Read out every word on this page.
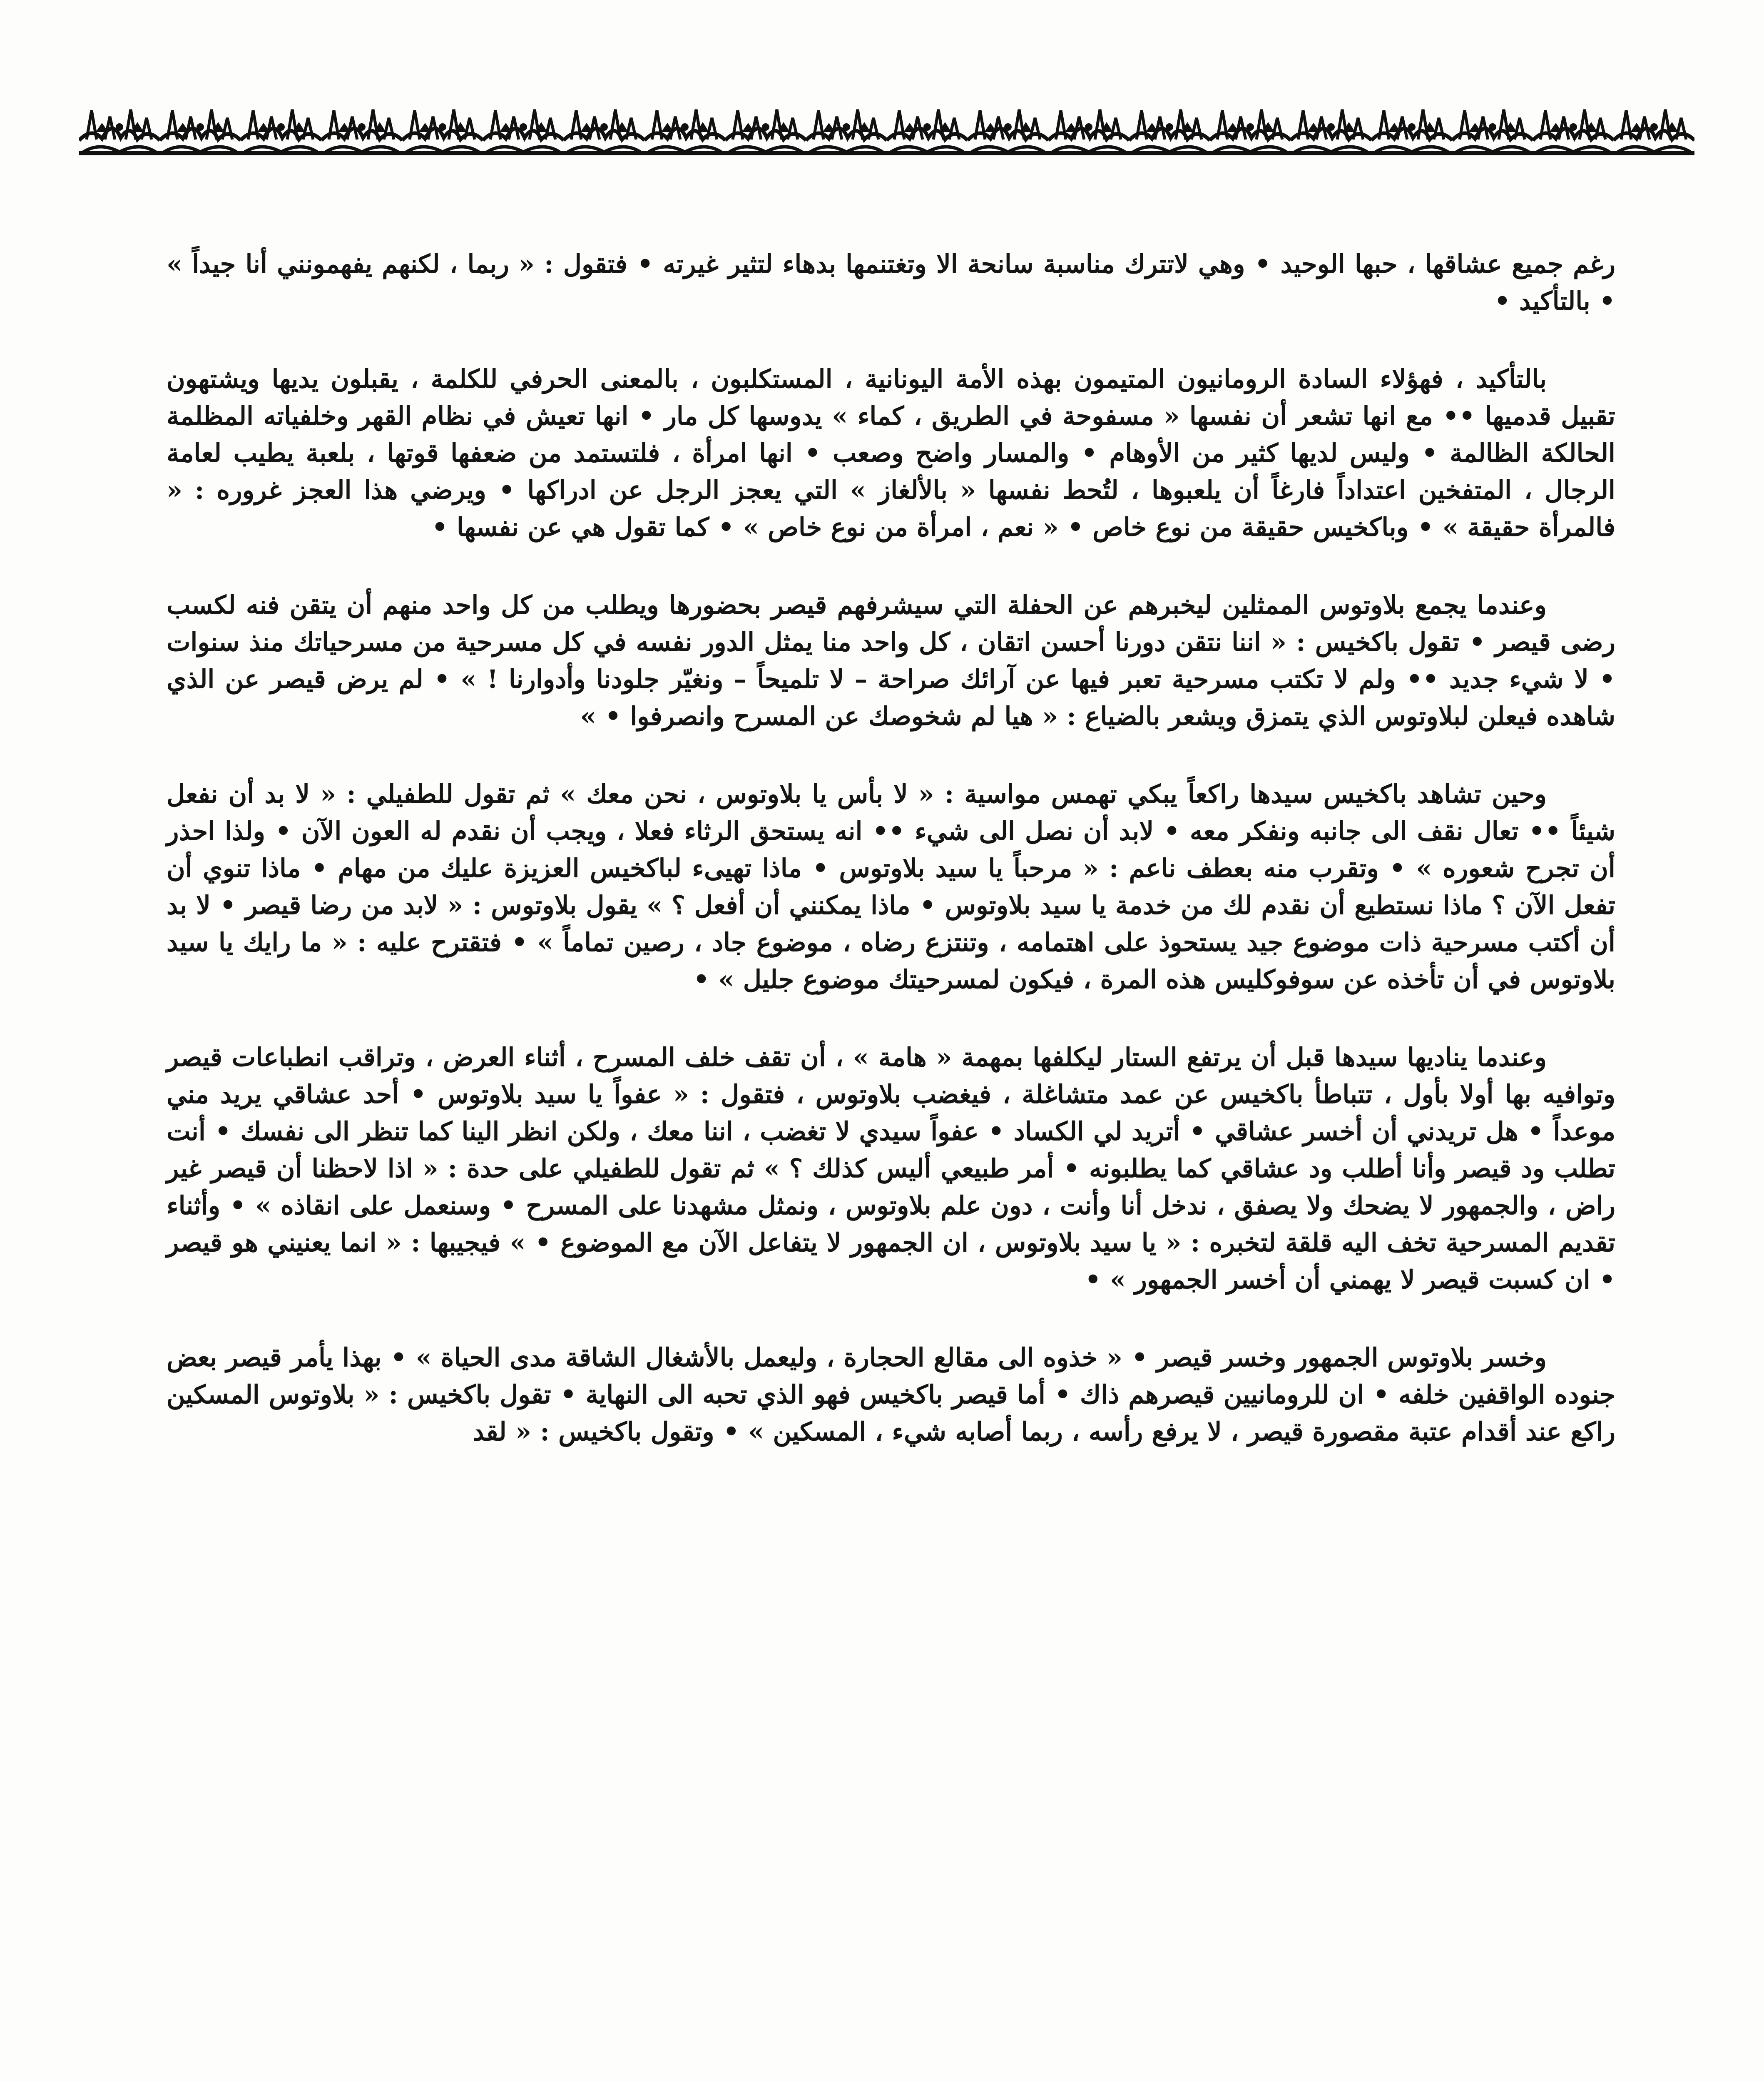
رغم جميع عشاقها ، حبها الوحيد • وهي لاتترك مناسبة سانحة الا وتغتنمها بدهاء لتثير غيرته • فتقول : « ربما ، لكنهم يفهمونني أنا جيداً » • بالتأكيد •

بالتأكيد ، فهؤلاء السادة الرومانيون المتيمون بهذه الأمة اليونانية ، المستكلبون ، بالمعنى الحرفي للكلمة ، يقبلون يديها ويشتهون تقبيل قدميها •• مع انها تشعر أن نفسها « مسفوحة في الطريق ، كماء » يدوسها كل مار • انها تعيش في نظام القهر وخلفياته المظلمة الحالكة الظالمة • وليس لديها كثير من الأوهام • والمسار واضح وصعب • انها امرأة ، فلتستمد من ضعفها قوتها ، بلعبة يطيب لعامة الرجال ، المتفخين اعتداداً فارغاً أن يلعبوها ، لتُحط نفسها « بالألغاز » التي يعجز الرجل عن ادراكها • ويرضي هذا العجز غروره : « فالمرأة حقيقة » • وباكخيس حقيقة من نوع خاص • « نعم ، امرأة من نوع خاص » • كما تقول هي عن نفسها •

وعندما يجمع بلاوتوس الممثلين ليخبرهم عن الحفلة التي سيشرفهم قيصر بحضورها ويطلب من كل واحد منهم أن يتقن فنه لكسب رضى قيصر • تقول باكخيس : « اننا نتقن دورنا أحسن اتقان ، كل واحد منا يمثل الدور نفسه في كل مسرحية من مسرحياتك منذ سنوات • لا شيء جديد •• ولم لا تكتب مسرحية تعبر فيها عن آرائك صراحة – لا تلميحاً – ونغيّر جلودنا وأدوارنا ! » • لم يرض قيصر عن الذي شاهده فيعلن لبلاوتوس الذي يتمزق ويشعر بالضياع : « هيا لم شخوصك عن المسرح وانصرفوا • »

وحين تشاهد باكخيس سيدها راكعاً يبكي تهمس مواسية : « لا بأس يا بلاوتوس ، نحن معك » ثم تقول للطفيلي : « لا بد أن نفعل شيئاً •• تعال نقف الى جانبه ونفكر معه • لابد أن نصل الى شيء •• انه يستحق الرثاء فعلا ، ويجب أن نقدم له العون الآن • ولذا احذر أن تجرح شعوره » • وتقرب منه بعطف ناعم : « مرحباً يا سيد بلاوتوس • ماذا تهيىء لباكخيس العزيزة عليك من مهام • ماذا تنوي أن تفعل الآن ؟ ماذا نستطيع أن نقدم لك من خدمة يا سيد بلاوتوس • ماذا يمكنني أن أفعل ؟ » يقول بلاوتوس : « لابد من رضا قيصر • لا بد أن أكتب مسرحية ذات موضوع جيد يستحوذ على اهتمامه ، وتنتزع رضاه ، موضوع جاد ، رصين تماماً » • فتقترح عليه : « ما رايك يا سيد بلاوتوس في أن تأخذه عن سوفوكليس هذه المرة ، فيكون لمسرحيتك موضوع جليل » •

وعندما يناديها سيدها قبل أن يرتفع الستار ليكلفها بمهمة « هامة » ، أن تقف خلف المسرح ، أثناء العرض ، وتراقب انطباعات قيصر وتوافيه بها أولا بأول ، تتباطأ باكخيس عن عمد متشاغلة ، فيغضب بلاوتوس ، فتقول : « عفواً يا سيد بلاوتوس • أحد عشاقي يريد مني موعداً • هل تريدني أن أخسر عشاقي • أتريد لي الكساد • عفواً سيدي لا تغضب ، اننا معك ، ولكن انظر الينا كما تنظر الى نفسك • أنت تطلب ود قيصر وأنا أطلب ود عشاقي كما يطلبونه • أمر طبيعي أليس كذلك ؟ » ثم تقول للطفيلي على حدة : « اذا لاحظنا أن قيصر غير راض ، والجمهور لا يضحك ولا يصفق ، ندخل أنا وأنت ، دون علم بلاوتوس ، ونمثل مشهدنا على المسرح • وسنعمل على انقاذه » • وأثناء تقديم المسرحية تخف اليه قلقة لتخبره : « يا سيد بلاوتوس ، ان الجمهور لا يتفاعل الآن مع الموضوع • » فيجيبها : « انما يعنيني هو قيصر • ان كسبت قيصر لا يهمني أن أخسر الجمهور » •

وخسر بلاوتوس الجمهور وخسر قيصر • « خذوه الى مقالع الحجارة ، وليعمل بالأشغال الشاقة مدى الحياة » • بهذا يأمر قيصر بعض جنوده الواقفين خلفه • ان للرومانيين قيصرهم ذاك • أما قيصر باكخيس فهو الذي تحبه الى النهاية • تقول باكخيس : « بلاوتوس المسكين راكع عند أقدام عتبة مقصورة قيصر ، لا يرفع رأسه ، ربما أصابه شيء ، المسكين » • وتقول باكخيس : « لقد
